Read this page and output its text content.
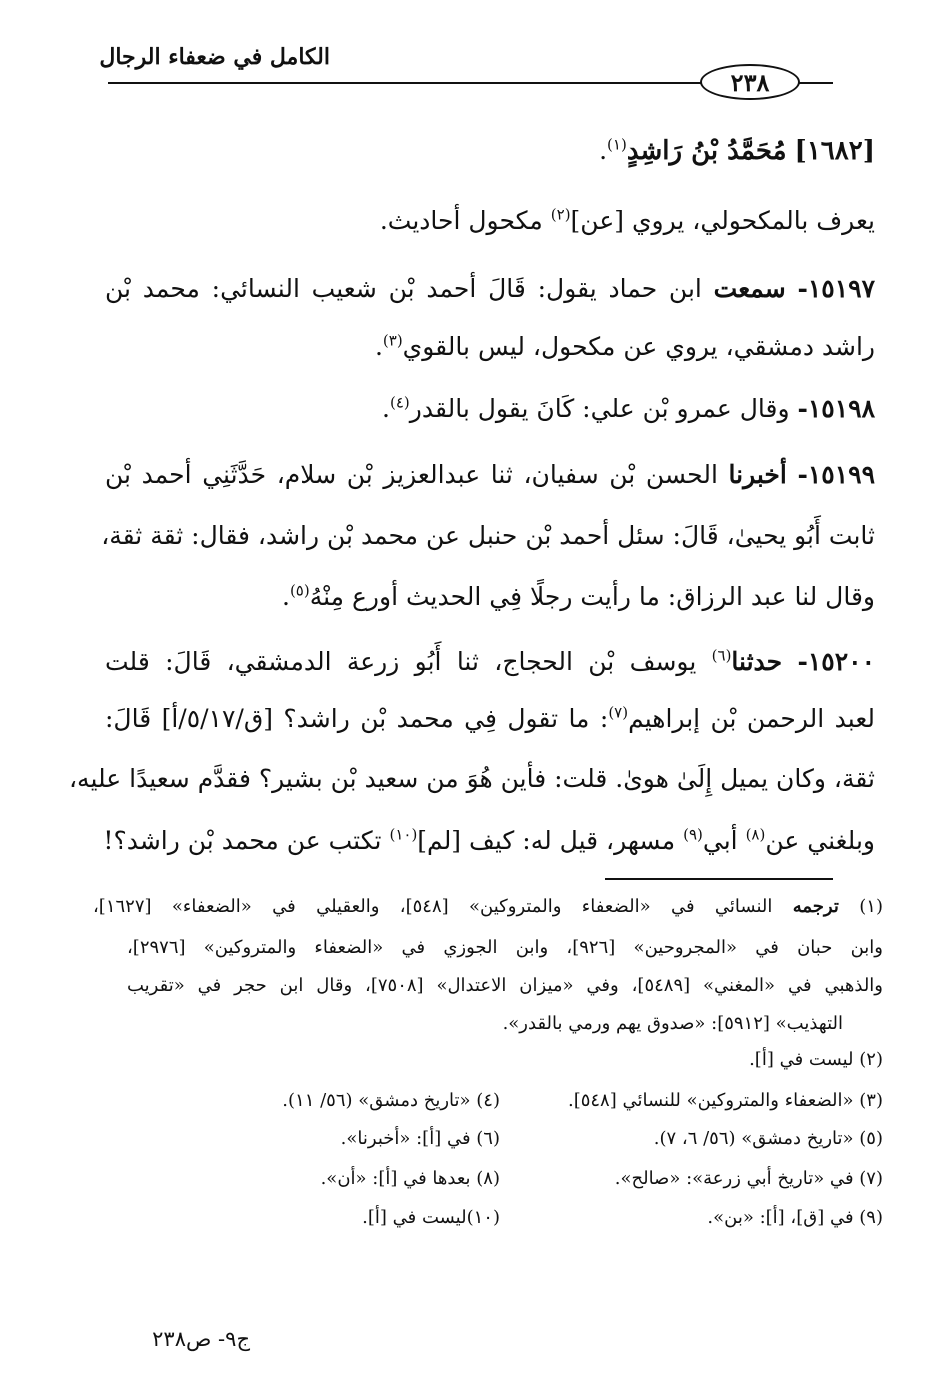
الكامل في ضعفاء الرجال
٢٣٨
[١٦٨٢] مُحَمَّدُ بْنُ رَاشِدٍ$^{(١)}$.
يعرف بالمكحولي، يروي [عن]$^{(٢)}$ مكحول أحاديث.
١٥١٩٧- سمعت ابن حماد يقول: قَالَ أحمد بْن شعيب النسائي: محمد بْن
راشد دمشقي، يروي عن مكحول، ليس بالقوي$^{(٣)}$.
١٥١٩٨- وقال عمرو بْن علي: كَانَ يقول بالقدر$^{(٤)}$.
١٥١٩٩- أخبرنا الحسن بْن سفيان، ثنا عبدالعزيز بْن سلام، حَدَّثَنِي أحمد بْن
ثابت أَبُو يحيىٰ، قَالَ: سئل أحمد بْن حنبل عن محمد بْن راشد، فقال: ثقة ثقة،
وقال لنا عبد الرزاق: ما رأيت رجلًا فِي الحديث أورع مِنْهُ$^{(٥)}$.
١٥٢٠٠- حدثنا$^{(٦)}$ يوسف بْن الحجاج، ثنا أَبُو زرعة الدمشقي، قَالَ: قلت
لعبد الرحمن بْن إبراهيم$^{(٧)}$: ما تقول فِي محمد بْن راشد؟ [ق/٥/١٧/أ] قَالَ:
ثقة، وكان يميل إِلَىٰ هوىٰ. قلت: فأين هُوَ من سعيد بْن بشير؟ فقدَّم سعيدًا عليه،
وبلغني عن$^{(٨)}$ أبي$^{(٩)}$ مسهر، قيل له: كيف [لم]$^{(١٠)}$ تكتب عن محمد بْن راشد؟!
(١) ترجمه النسائي في «الضعفاء والمتروكين» [٥٤٨]، والعقيلي في «الضعفاء» [١٦٢٧]،
وابن حبان في «المجروحين» [٩٢٦]، وابن الجوزي في «الضعفاء والمتروكين» [٢٩٧٦]،
والذهبي في «المغني» [٥٤٨٩]، وفي «ميزان الاعتدال» [٧٥٠٨]، وقال ابن حجر في «تقريب
التهذيب» [٥٩١٢]: «صدوق يهم ورمي بالقدر».
(٢) ليست في [أ].
(٣) «الضعفاء والمتروكين» للنسائي [٥٤٨].
(٤) «تاريخ دمشق» (٥٦/ ١١).
(٥) «تاريخ دمشق» (٥٦/ ٦، ٧).
(٦) في [أ]: «أخبرنا».
(٧) في «تاريخ أبي زرعة»: «صالح».
(٨) بعدها في [أ]: «أن».
(٩) في [ق]، [أ]: «بن».
(١٠)ليست في [أ].
ج٩- ص٢٣٨
